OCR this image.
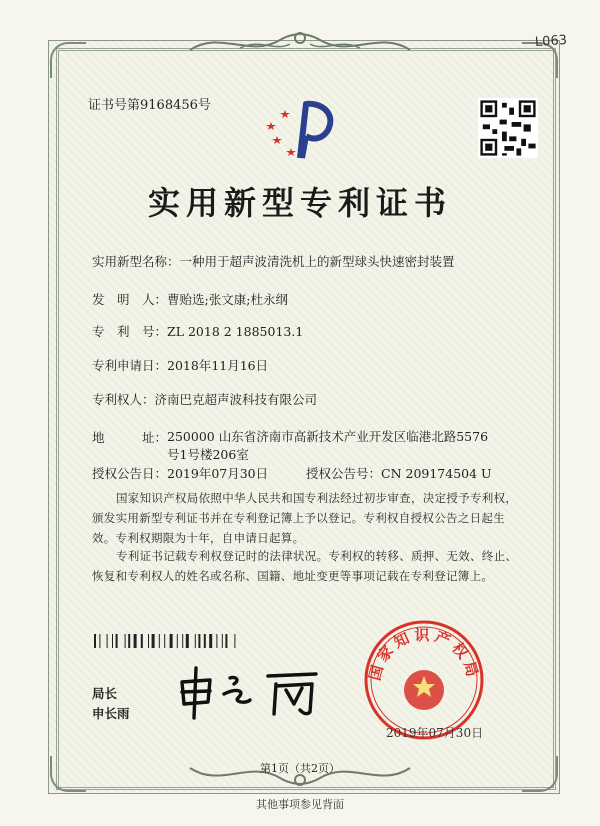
L063
证书号第9168456号
实用新型专利证书
实用新型名称：一种用于超声波清洗机上的新型球头快速密封装置
发　明　人：曹贻选;张文康;杜永纲
专　利　号：ZL 2018 2 1885013.1
专利申请日：2018年11月16日
专利权人：济南巴克超声波科技有限公司
地　　　址：250000 山东省济南市高新技术产业开发区临港北路5576
号1号楼206室
授权公告日：2019年07月30日	授权公告号：CN 209174504 U
国家知识产权局依照中华人民共和国专利法经过初步审查，决定授予专利权，颁发实用新型专利证书并在专利登记簿上予以登记。专利权自授权公告之日起生效。专利权期限为十年，自申请日起算。
专利证书记载专利权登记时的法律状况。专利权的转移、质押、无效、终止、恢复和专利权人的姓名或名称、国籍、地址变更等事项记载在专利登记簿上。
局长
申长雨
国家知识产权局
2019年07月30日
第1页（共2页）
其他事项参见背面
